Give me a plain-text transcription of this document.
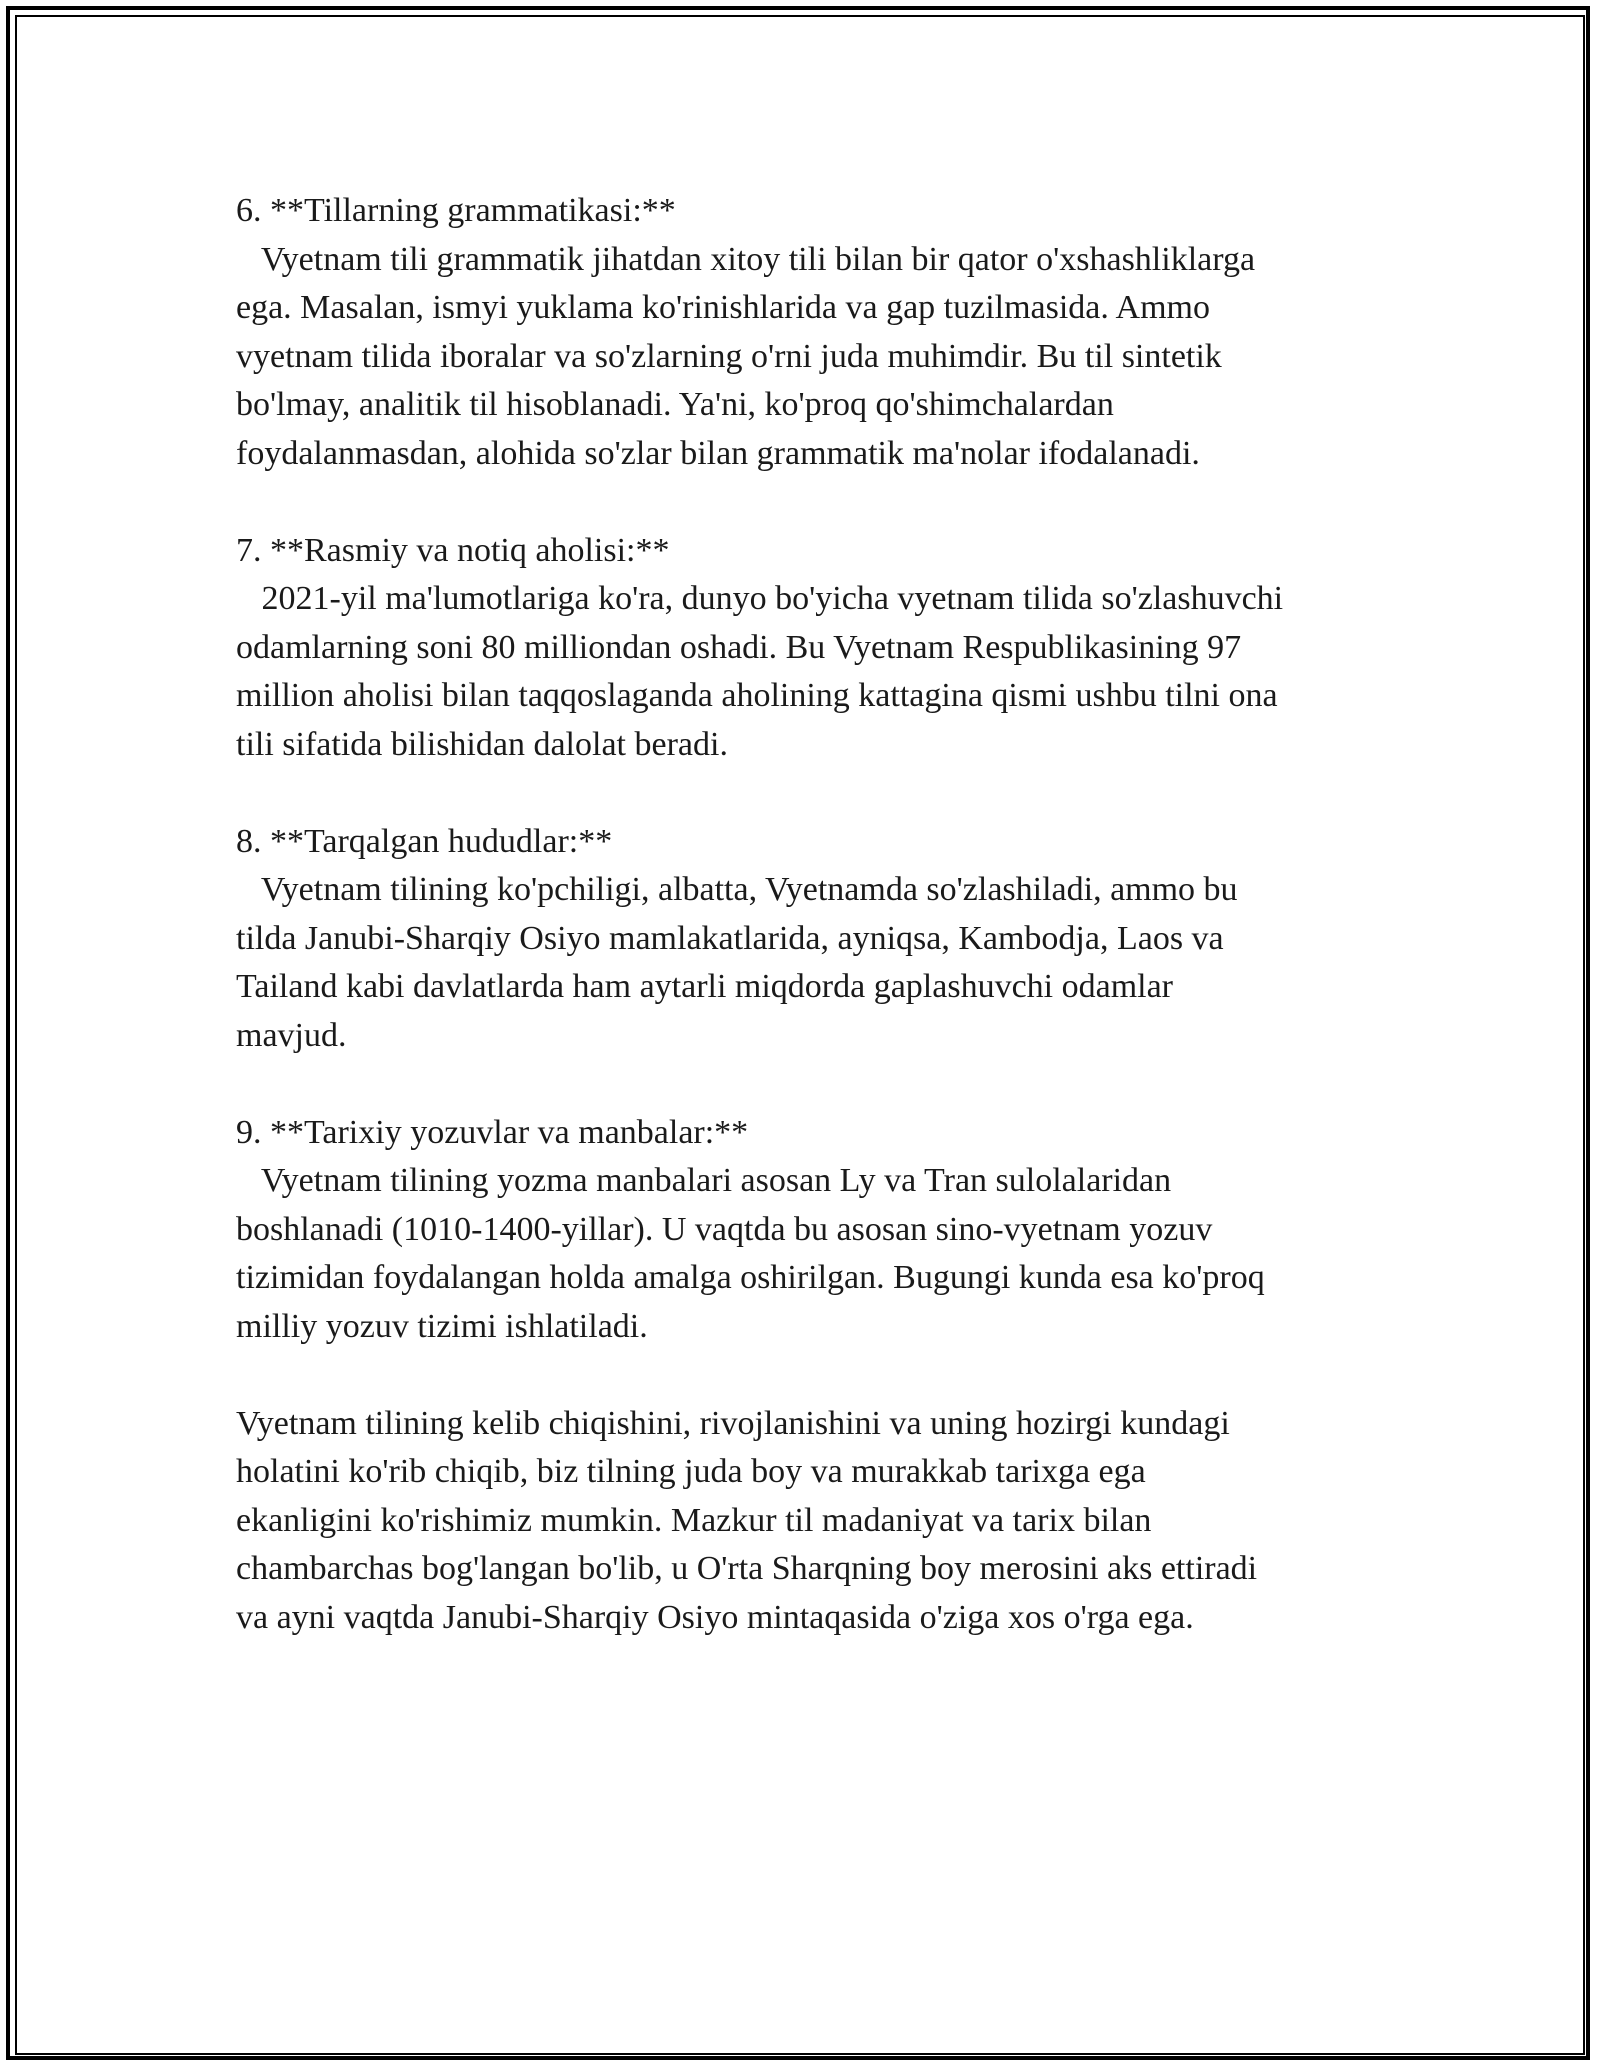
6. **Tillarning grammatikasi:**
Vyetnam tili grammatik jihatdan xitoy tili bilan bir qator o'xshashliklarga
ega. Masalan, ismyi yuklama ko'rinishlarida va gap tuzilmasida. Ammo
vyetnam tilida iboralar va so'zlarning o'rni juda muhimdir. Bu til sintetik
bo'lmay, analitik til hisoblanadi. Ya'ni, ko'proq qo'shimchalardan
foydalanmasdan, alohida so'zlar bilan grammatik ma'nolar ifodalanadi.
7. **Rasmiy va notiq aholisi:**
2021-yil ma'lumotlariga ko'ra, dunyo bo'yicha vyetnam tilida so'zlashuvchi
odamlarning soni 80 milliondan oshadi. Bu Vyetnam Respublikasining 97
million aholisi bilan taqqoslaganda aholining kattagina qismi ushbu tilni ona
tili sifatida bilishidan dalolat beradi.
8. **Tarqalgan hududlar:**
Vyetnam tilining ko'pchiligi, albatta, Vyetnamda so'zlashiladi, ammo bu
tilda Janubi-Sharqiy Osiyo mamlakatlarida, ayniqsa, Kambodja, Laos va
Tailand kabi davlatlarda ham aytarli miqdorda gaplashuvchi odamlar
mavjud.
9. **Tarixiy yozuvlar va manbalar:**
Vyetnam tilining yozma manbalari asosan Ly va Tran sulolalaridan
boshlanadi (1010-1400-yillar). U vaqtda bu asosan sino-vyetnam yozuv
tizimidan foydalangan holda amalga oshirilgan. Bugungi kunda esa ko'proq
milliy yozuv tizimi ishlatiladi.
Vyetnam tilining kelib chiqishini, rivojlanishini va uning hozirgi kundagi
holatini ko'rib chiqib, biz tilning juda boy va murakkab tarixga ega
ekanligini ko'rishimiz mumkin. Mazkur til madaniyat va tarix bilan
chambarchas bog'langan bo'lib, u O'rta Sharqning boy merosini aks ettiradi
va ayni vaqtda Janubi-Sharqiy Osiyo mintaqasida o'ziga xos o'rga ega.
